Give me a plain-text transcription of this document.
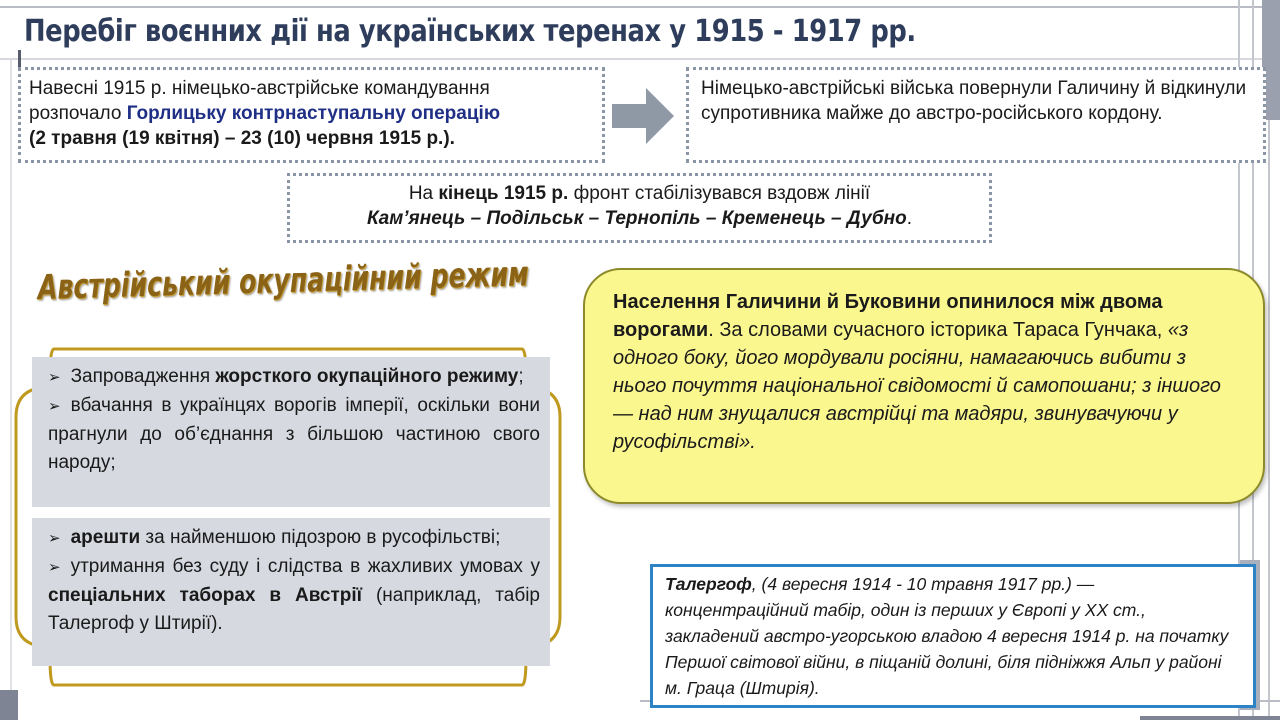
Перебіг воєнних дії на українських теренах у 1915 - 1917 рр.
Навесні 1915 р. німецько-австрійське командування
розпочало Горлицьку контрнаступальну операцію
(2 травня (19 квітня) – 23 (10) червня 1915 р.).
Німецько-австрійські війська повернули Галичину й відкинули супротивника майже до австро-російського кордону.
На кінець 1915 р. фронт стабілізувався вздовж лінії
Кам’янець – Подільськ – Тернопіль – Кременець – Дубно.
Австрійський окупаційний режим
➢ Запровадження жорсткого окупаційного режиму;
➢ вбачання в українцях ворогів імперії, оскільки вони прагнули до об’єднання з більшою частиною свого народу;
➢ арешти за найменшою підозрою в русофільстві;
➢ утримання без суду і слідства в жахливих умовах у спеціальних таборах в Австрії (наприклад, табір Талергоф у Штирії).
Населення Галичини й Буковини опинилося між двома ворогами. За словами сучасного історика Тараса Гунчака, «з одного боку, його мордували росіяни, намагаючись вибити з нього почуття національної свідомості й самопошани; з іншого — над ним знущалися австрійці та мадяри, звинувачуючи у русофільстві».
Талергоф, (4 вересня 1914 - 10 травня 1917 рр.) — концентраційний табір, один із перших у Європі у ХХ ст., закладений австро-угорською владою 4 вересня 1914 р. на початку Першої світової війни, в піщаній долині, біля підніжжя Альп у районі м. Граца (Штирія).
